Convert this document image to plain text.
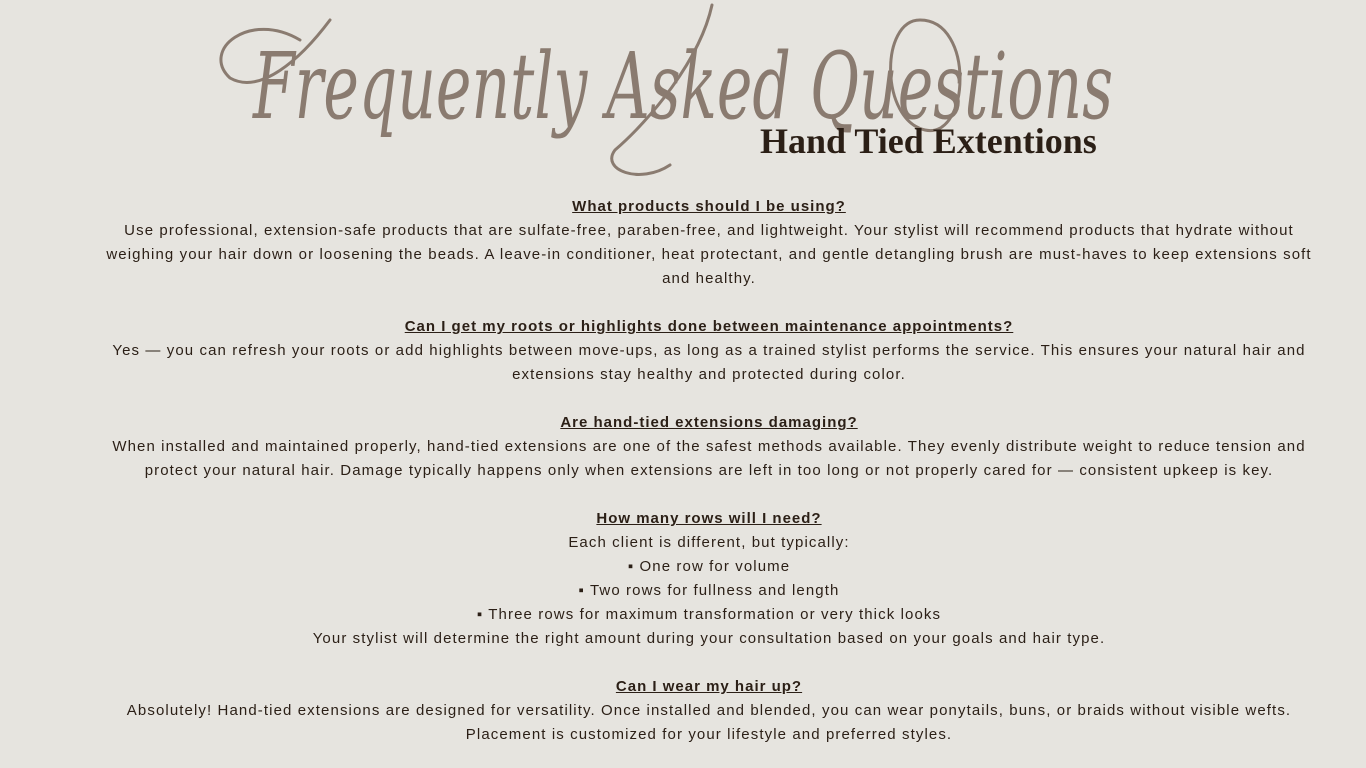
Frequently Asked Questions
Hand Tied Extentions
What products should I be using?
Use professional, extension-safe products that are sulfate-free, paraben-free, and lightweight. Your stylist will recommend products that hydrate without weighing your hair down or loosening the beads. A leave-in conditioner, heat protectant, and gentle detangling brush are must-haves to keep extensions soft and healthy.
Can I get my roots or highlights done between maintenance appointments?
Yes — you can refresh your roots or add highlights between move-ups, as long as a trained stylist performs the service. This ensures your natural hair and extensions stay healthy and protected during color.
Are hand-tied extensions damaging?
When installed and maintained properly, hand-tied extensions are one of the safest methods available. They evenly distribute weight to reduce tension and protect your natural hair. Damage typically happens only when extensions are left in too long or not properly cared for — consistent upkeep is key.
How many rows will I need?
Each client is different, but typically:
▪ One row for volume
▪ Two rows for fullness and length
▪ Three rows for maximum transformation or very thick looks
Your stylist will determine the right amount during your consultation based on your goals and hair type.
Can I wear my hair up?
Absolutely! Hand-tied extensions are designed for versatility. Once installed and blended, you can wear ponytails, buns, or braids without visible wefts. Placement is customized for your lifestyle and preferred styles.
